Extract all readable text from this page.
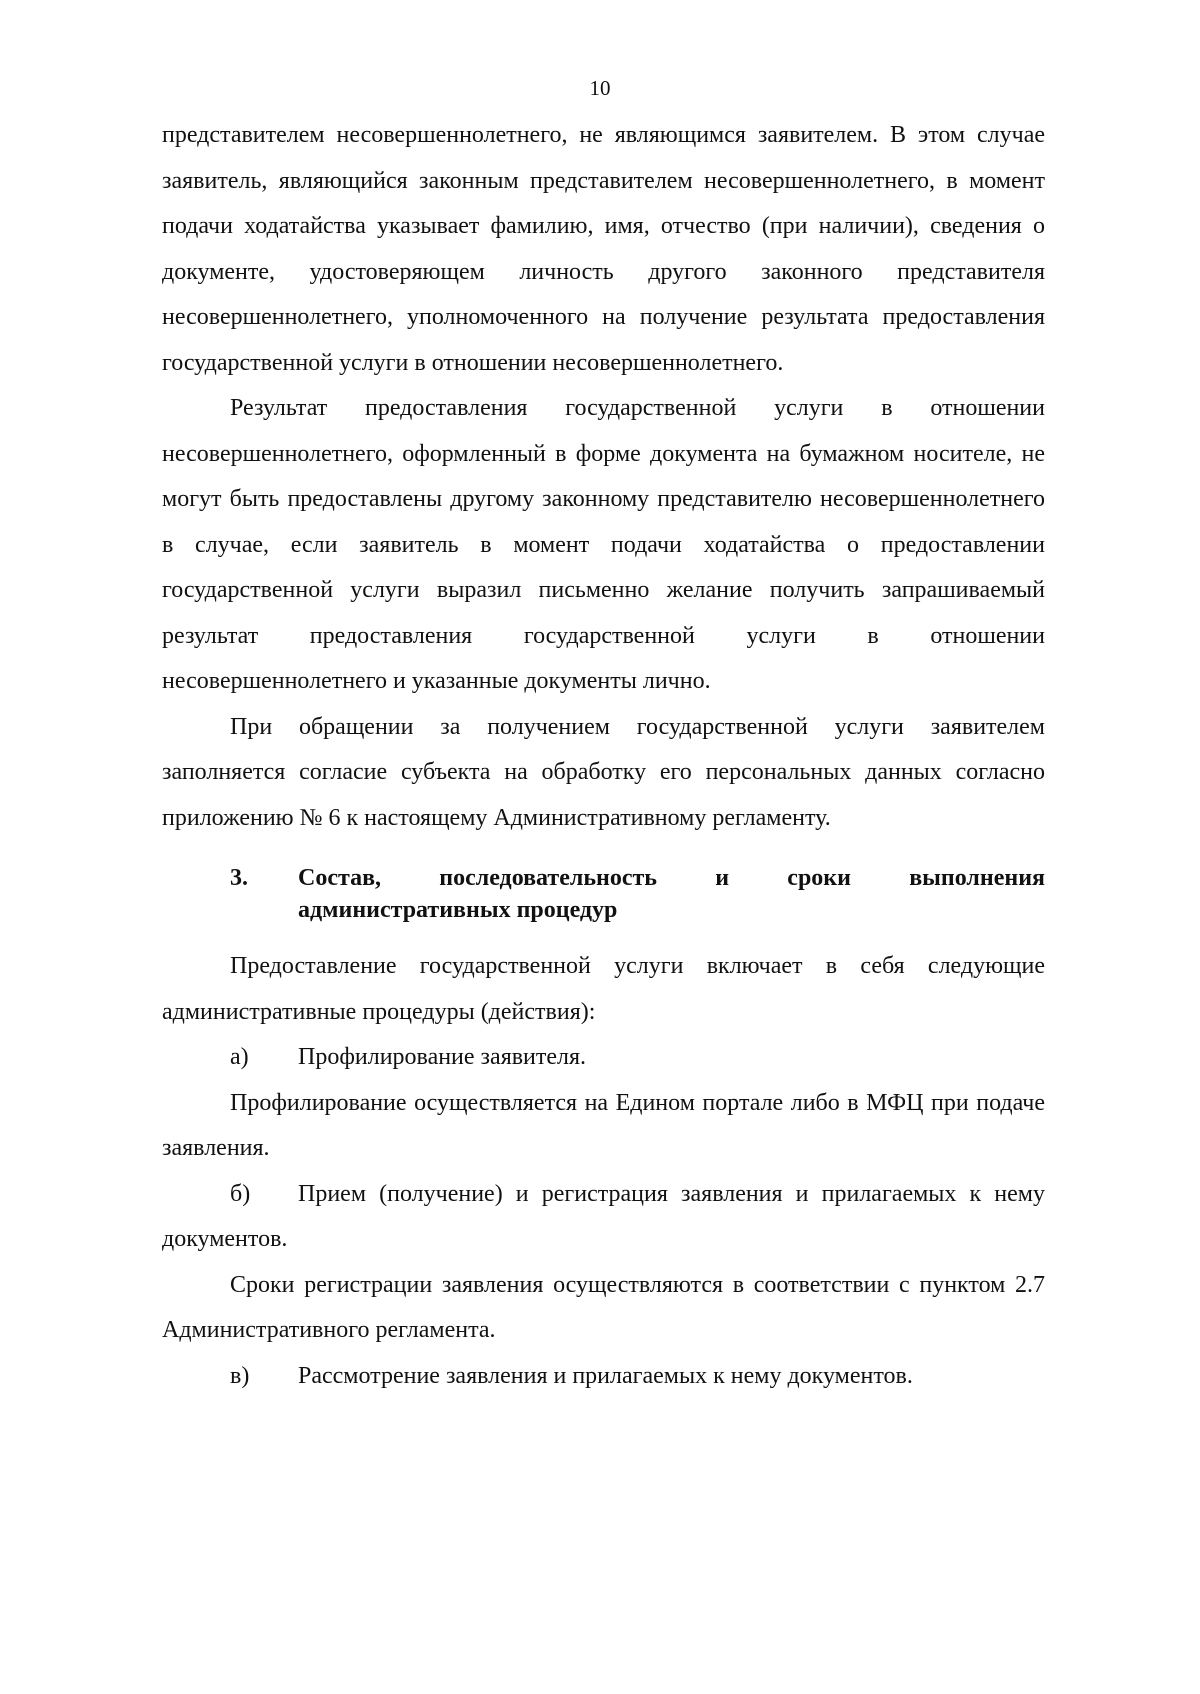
10

представителем несовершеннолетнего, не являющимся заявителем. В этом случае заявитель, являющийся законным представителем несовершеннолетнего, в момент подачи ходатайства указывает фамилию, имя, отчество (при наличии), сведения о документе, удостоверяющем личность другого законного представителя несовершеннолетнего, уполномоченного на получение результата предоставления государственной услуги в отношении несовершеннолетнего.

Результат предоставления государственной услуги в отношении несовершеннолетнего, оформленный в форме документа на бумажном носителе, не могут быть предоставлены другому законному представителю несовершеннолетнего в случае, если заявитель в момент подачи ходатайства о предоставлении государственной услуги выразил письменно желание получить запрашиваемый результат предоставления государственной услуги в отношении несовершеннолетнего и указанные документы лично.

При обращении за получением государственной услуги заявителем заполняется согласие субъекта на обработку его персональных данных согласно приложению № 6 к настоящему Административному регламенту.

3.	Состав, последовательность и сроки выполнения административных процедур

Предоставление государственной услуги включает в себя следующие административные процедуры (действия):

а) Профилирование заявителя.

Профилирование осуществляется на Едином портале либо в МФЦ при подаче заявления.

б) Прием (получение) и регистрация заявления и прилагаемых к нему документов.

Сроки регистрации заявления осуществляются в соответствии с пунктом 2.7 Административного регламента.

в) Рассмотрение заявления и прилагаемых к нему документов.
